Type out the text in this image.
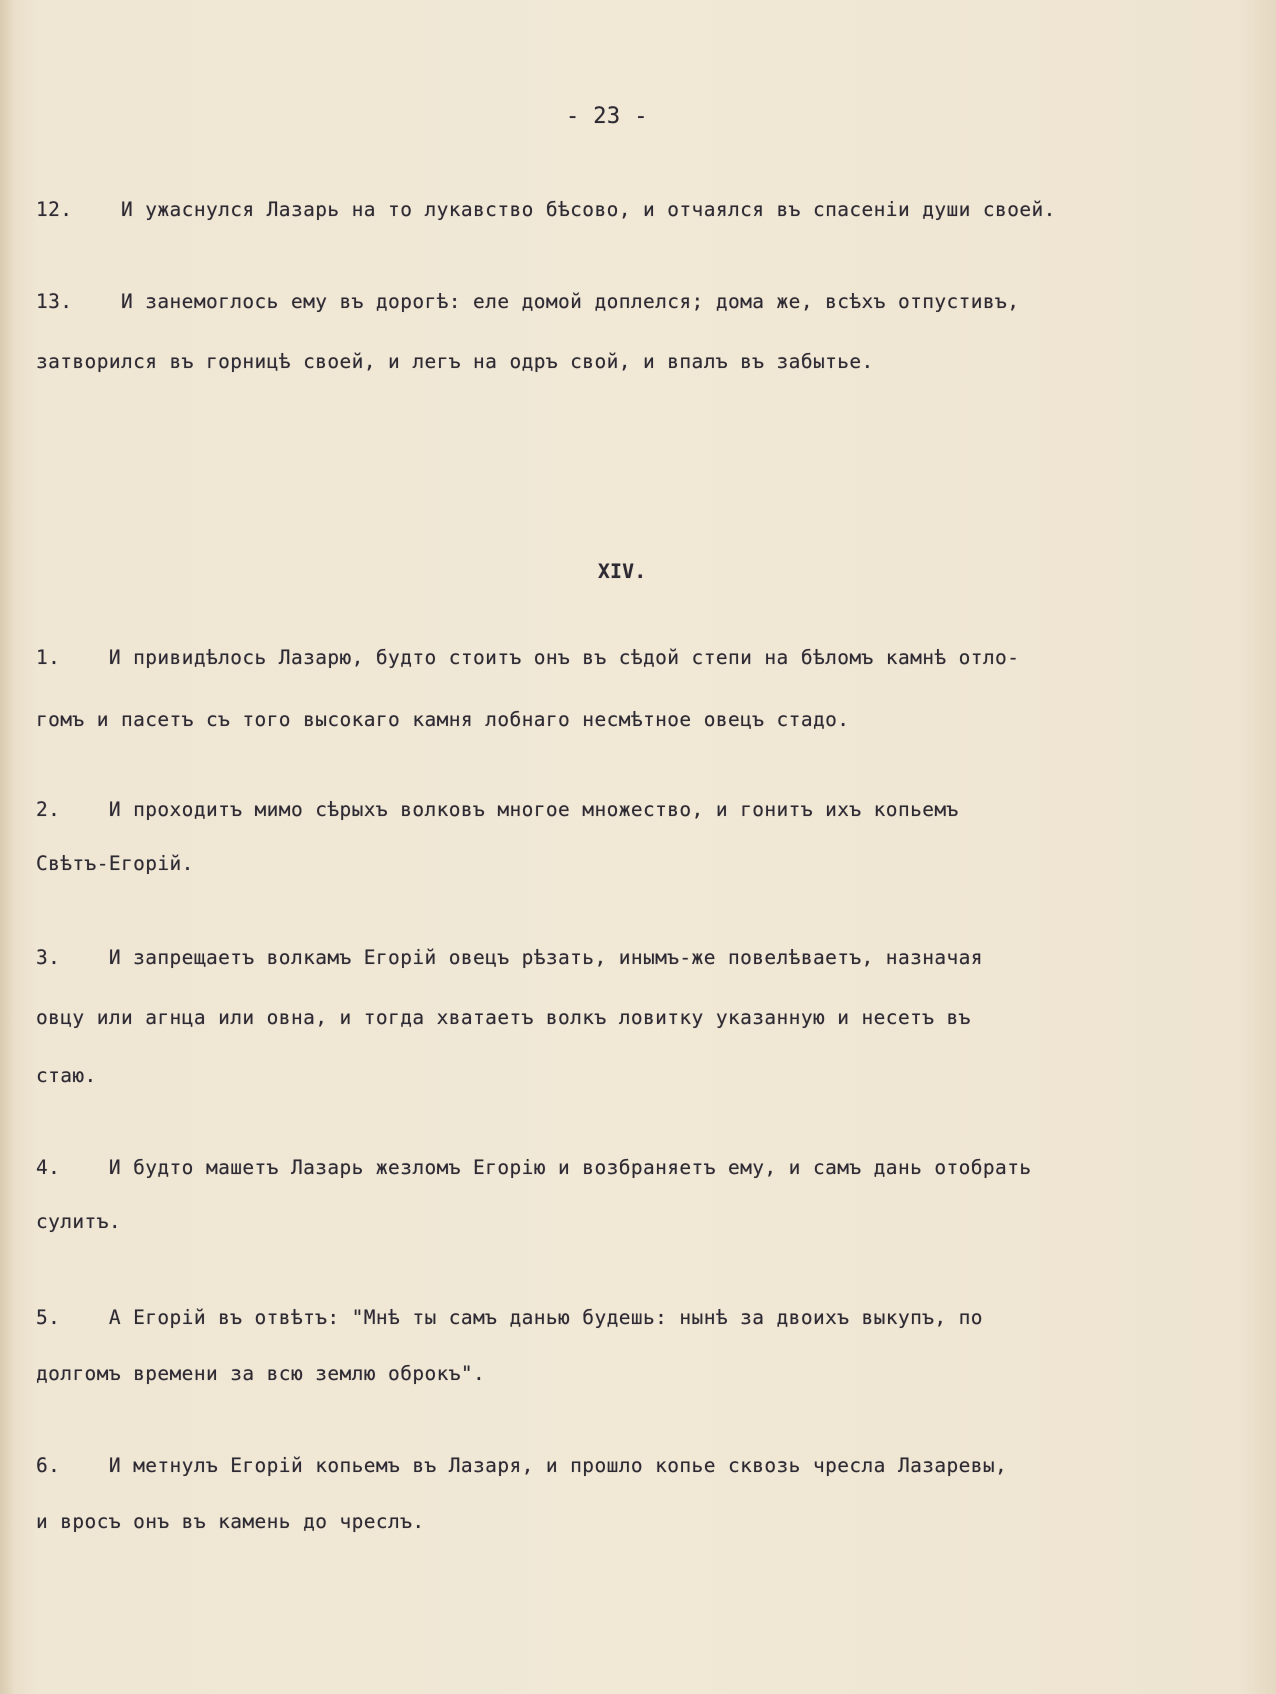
- 23 -
12.    И ужаснулся Лазарь на то лукавство бѣсово, и отчаялся въ спасенiи души своей.
13.    И занемоглось ему въ дорогѣ: еле домой доплелся; дома же, всѣхъ отпустивъ,
затворился въ горницѣ своей, и легъ на одръ свой, и впалъ въ забытье.
XIV.
1.    И привидѣлось Лазарю, будто стоитъ онъ въ сѣдой степи на бѣломъ камнѣ отло-
гомъ и пасетъ съ того высокаго камня лобнаго несмѣтное овецъ стадо.
2.    И проходитъ мимо сѣрыхъ волковъ многое множество, и гонитъ ихъ копьемъ
Свѣтъ-Егорiй.
3.    И запрещаетъ волкамъ Егорiй овецъ рѣзать, инымъ-же повелѣваетъ, назначая
овцу или агнца или овна, и тогда хватаетъ волкъ ловитку указанную и несетъ въ
стаю.
4.    И будто машетъ Лазарь жезломъ Егорiю и возбраняетъ ему, и самъ дань отобрать
сулитъ.
5.    А Егорiй въ отвѣтъ: "Мнѣ ты самъ данью будешь: нынѣ за двоихъ выкупъ, по
долгомъ времени за всю землю оброкъ".
6.    И метнулъ Егорiй копьемъ въ Лазаря, и прошло копье сквозь чресла Лазаревы,
и вросъ онъ въ камень до чреслъ.
